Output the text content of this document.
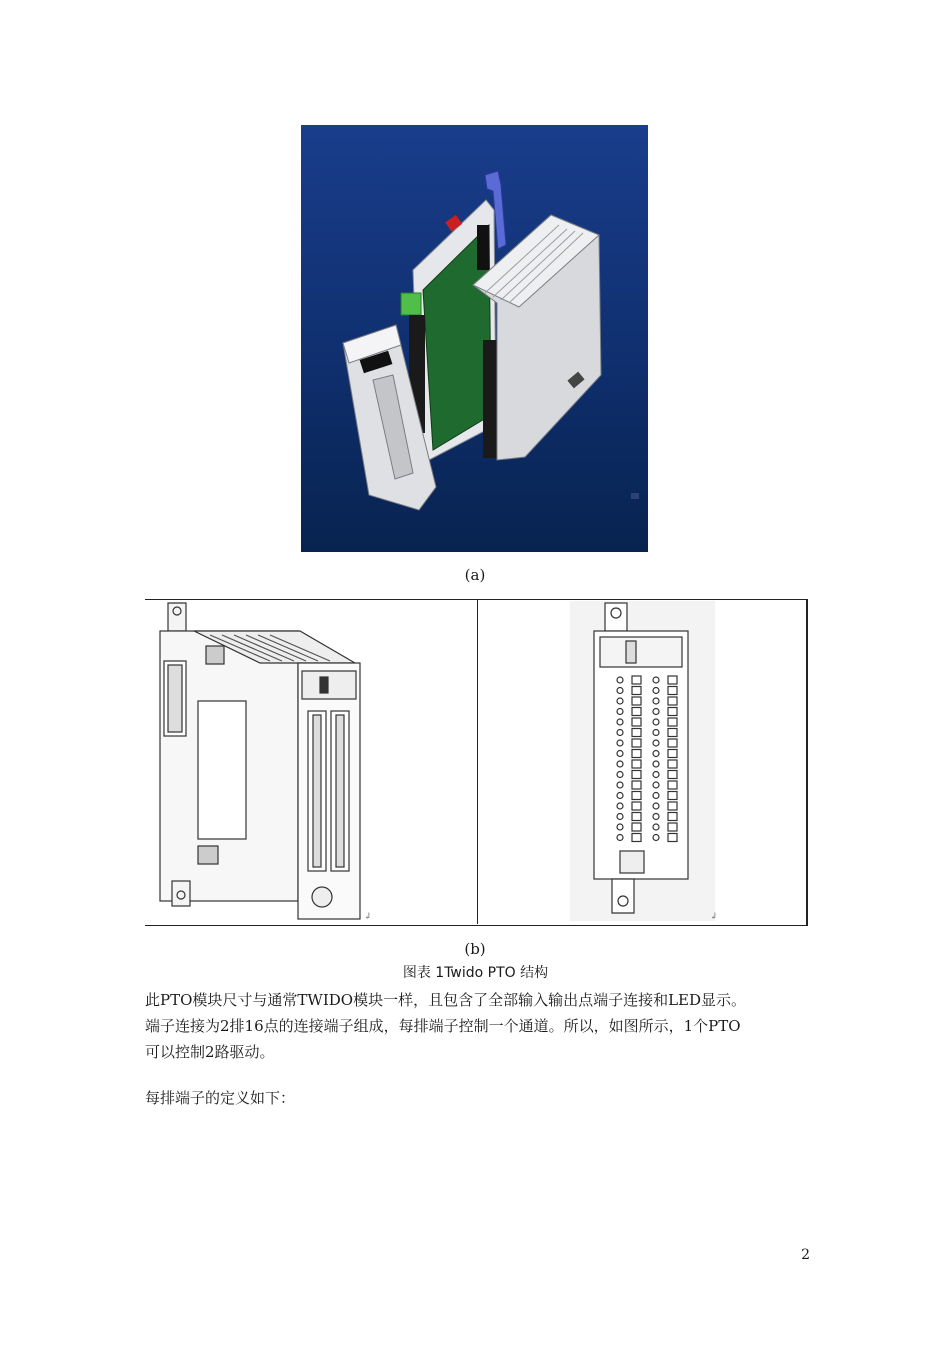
(a)
↲	↲
(b)
图表 1Twido PTO 结构

此PTO模块尺寸与通常TWIDO模块一样，且包含了全部输入输出点端子连接和LED显示。

端子连接为2排16点的连接端子组成，每排端子控制一个通道。所以，如图所示，1个PTO

可以控制2路驱动。

每排端子的定义如下：
2
